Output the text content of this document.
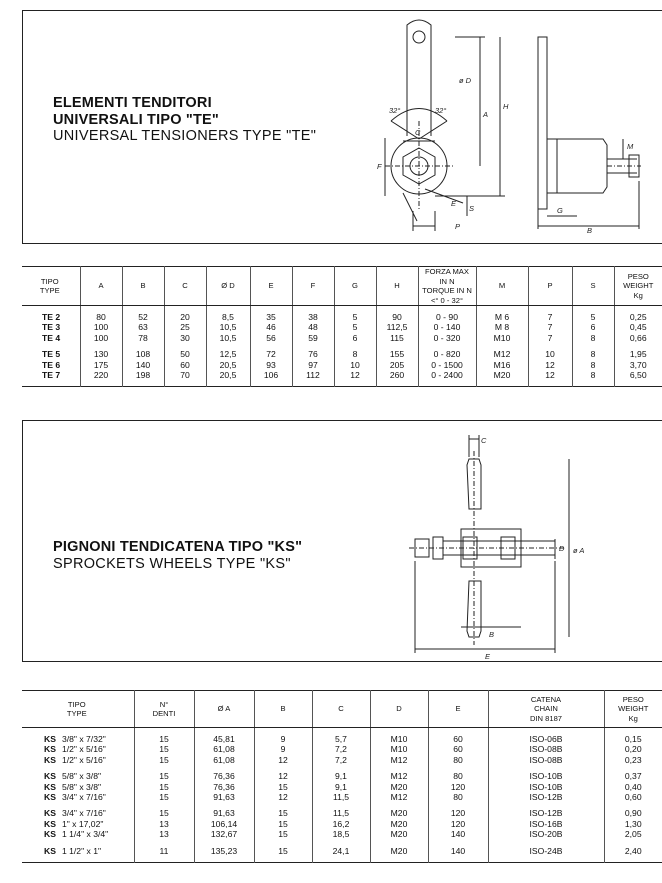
ELEMENTI TENDITORI
UNIVERSALI TIPO "TE"
UNIVERSAL TENSIONERS TYPE "TE"
ø D
32°	32°
C
A
H
F
E
S
P
M
G
B
TIPO
TYPE	A	B	C	Ø D	E	F	G	H	FORZA MAX IN N
TORQUE IN N
<° 0 - 32°	M	P	S	PESO
WEIGHT
Kg
TE 2	80	52	20	8,5	35	38	5	90	0 - 90	M 6	7	5	0,25
TE 3	100	63	25	10,5	46	48	5	112,5	0 - 140	M 8	7	6	0,45
TE 4	100	78	30	10,5	56	59	6	115	0 - 320	M10	7	8	0,66

TE 5	130	108	50	12,5	72	76	8	155	0 - 820	M12	10	8	1,95
TE 6	175	140	60	20,5	93	97	10	205	0 - 1500	M16	12	8	3,70
TE 7	220	198	70	20,5	106	112	12	260	0 - 2400	M20	12	8	6,50

PIGNONI TENDICATENA TIPO "KS"
SPROCKETS WHEELS TYPE "KS"
C
D ø A
B
E
TIPO
TYPE	N°
DENTI	Ø A	B	C	D	E	CATENA
CHAIN
DIN 8187	PESO
WEIGHT
Kg
KS 3/8" x 7/32"	15	45,81	9	5,7	M10	60	ISO-06B	0,15
KS 1/2" x 5/16"	15	61,08	9	7,2	M10	60	ISO-08B	0,20
KS 1/2" x 5/16"	15	61,08	12	7,2	M12	80	ISO-08B	0,23

KS 5/8" x 3/8"	15	76,36	12	9,1	M12	80	ISO-10B	0,37
KS 5/8" x 3/8"	15	76,36	15	9,1	M20	120	ISO-10B	0,40
KS 3/4" x 7/16"	15	91,63	12	11,5	M12	80	ISO-12B	0,60

KS 3/4" x 7/16"	15	91,63	15	11,5	M20	120	ISO-12B	0,90
KS 1" x 17,02"	13	106,14	15	16,2	M20	120	ISO-16B	1,30
KS 1 1/4" x 3/4"	13	132,67	15	18,5	M20	140	ISO-20B	2,05

KS 1 1/2" x 1"	11	135,23	15	24,1	M20	140	ISO-24B	2,40
